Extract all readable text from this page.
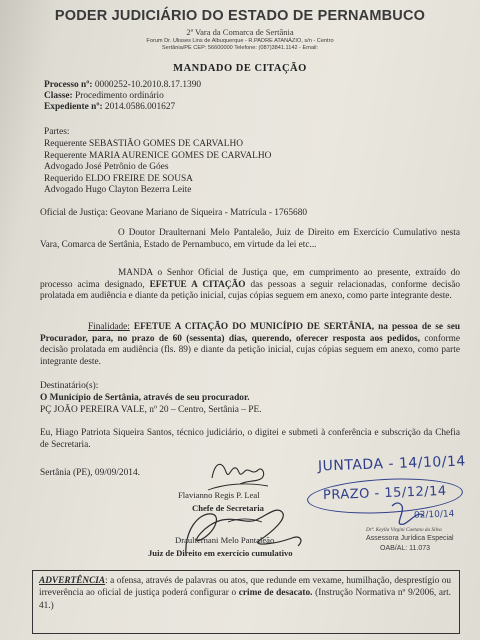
PODER JUDICIÁRIO DO ESTADO DE PERNAMBUCO
2ª Vara da Comarca de Sertânia
Forum Dr. Ulisses Lins de Albuquerque - R.PADRE ATANÁZIO, s/n - Centro
Sertânia/PE CEP: 56600000 Telefone: (087)3841.1142 - Email:
MANDADO DE CITAÇÃO
Processo nº: 0000252-10.2010.8.17.1390
Classe: Procedimento ordinário
Expediente nº: 2014.0586.001627
Partes:
Requerente SEBASTIÃO GOMES DE CARVALHO
Requerente MARIA AURENICE GOMES DE CARVALHO
Advogado José Petrônio de Góes
Requerido ELDO FREIRE DE SOUSA
Advogado Hugo Clayton Bezerra Leite
Oficial de Justiça: Geovane Mariano de Siqueira - Matrícula - 1765680
O Doutor Draulternani Melo Pantaleão, Juiz de Direito em Exercício Cumulativo nesta Vara, Comarca de Sertânia, Estado de Pernambuco, em virtude da lei etc...
MANDA o Senhor Oficial de Justiça que, em cumprimento ao presente, extraído do processo acima designado, EFETUE A CITAÇÃO das pessoas a seguir relacionadas, conforme decisão prolatada em audiência e diante da petição inicial, cujas cópias seguem em anexo, como parte integrante deste.
Finalidade: EFETUE A CITAÇÃO DO MUNICÍPIO DE SERTÂNIA, na pessoa de se seu Procurador, para, no prazo de 60 (sessenta) dias, querendo, oferecer resposta aos pedidos, conforme decisão prolatada em audiência (fls. 89) e diante da petição inicial, cujas cópias seguem em anexo, como parte integrante deste.
Destinatário(s):
O Município de Sertânia, através de seu procurador.
PÇ JOÃO PEREIRA VALE, nº 20 – Centro, Sertânia – PE.
Eu, Hiago Patriota Siqueira Santos, técnico judiciário, o digitei e submeti à conferência e subscrição da Chefia de Secretaria.
Sertânia (PE), 09/09/2014.
Flavianno Regis P. Leal
Chefe de Secretaria
Draulternani Melo Pantaleão
Juiz de Direito em exercício cumulativo
JUNTADA - 14/10/14
PRAZO - 15/12/14
02/10/14
Drª. Keylla Virgini Caetano da Silva
Assessora Jurídica Especial
OAB/AL: 11.073
ADVERTÊNCIA: a ofensa, através de palavras ou atos, que redunde em vexame, humilhação, desprestígio ou irreverência ao oficial de justiça poderá configurar o crime de desacato. (Instrução Normativa nº 9/2006, art. 41.)
